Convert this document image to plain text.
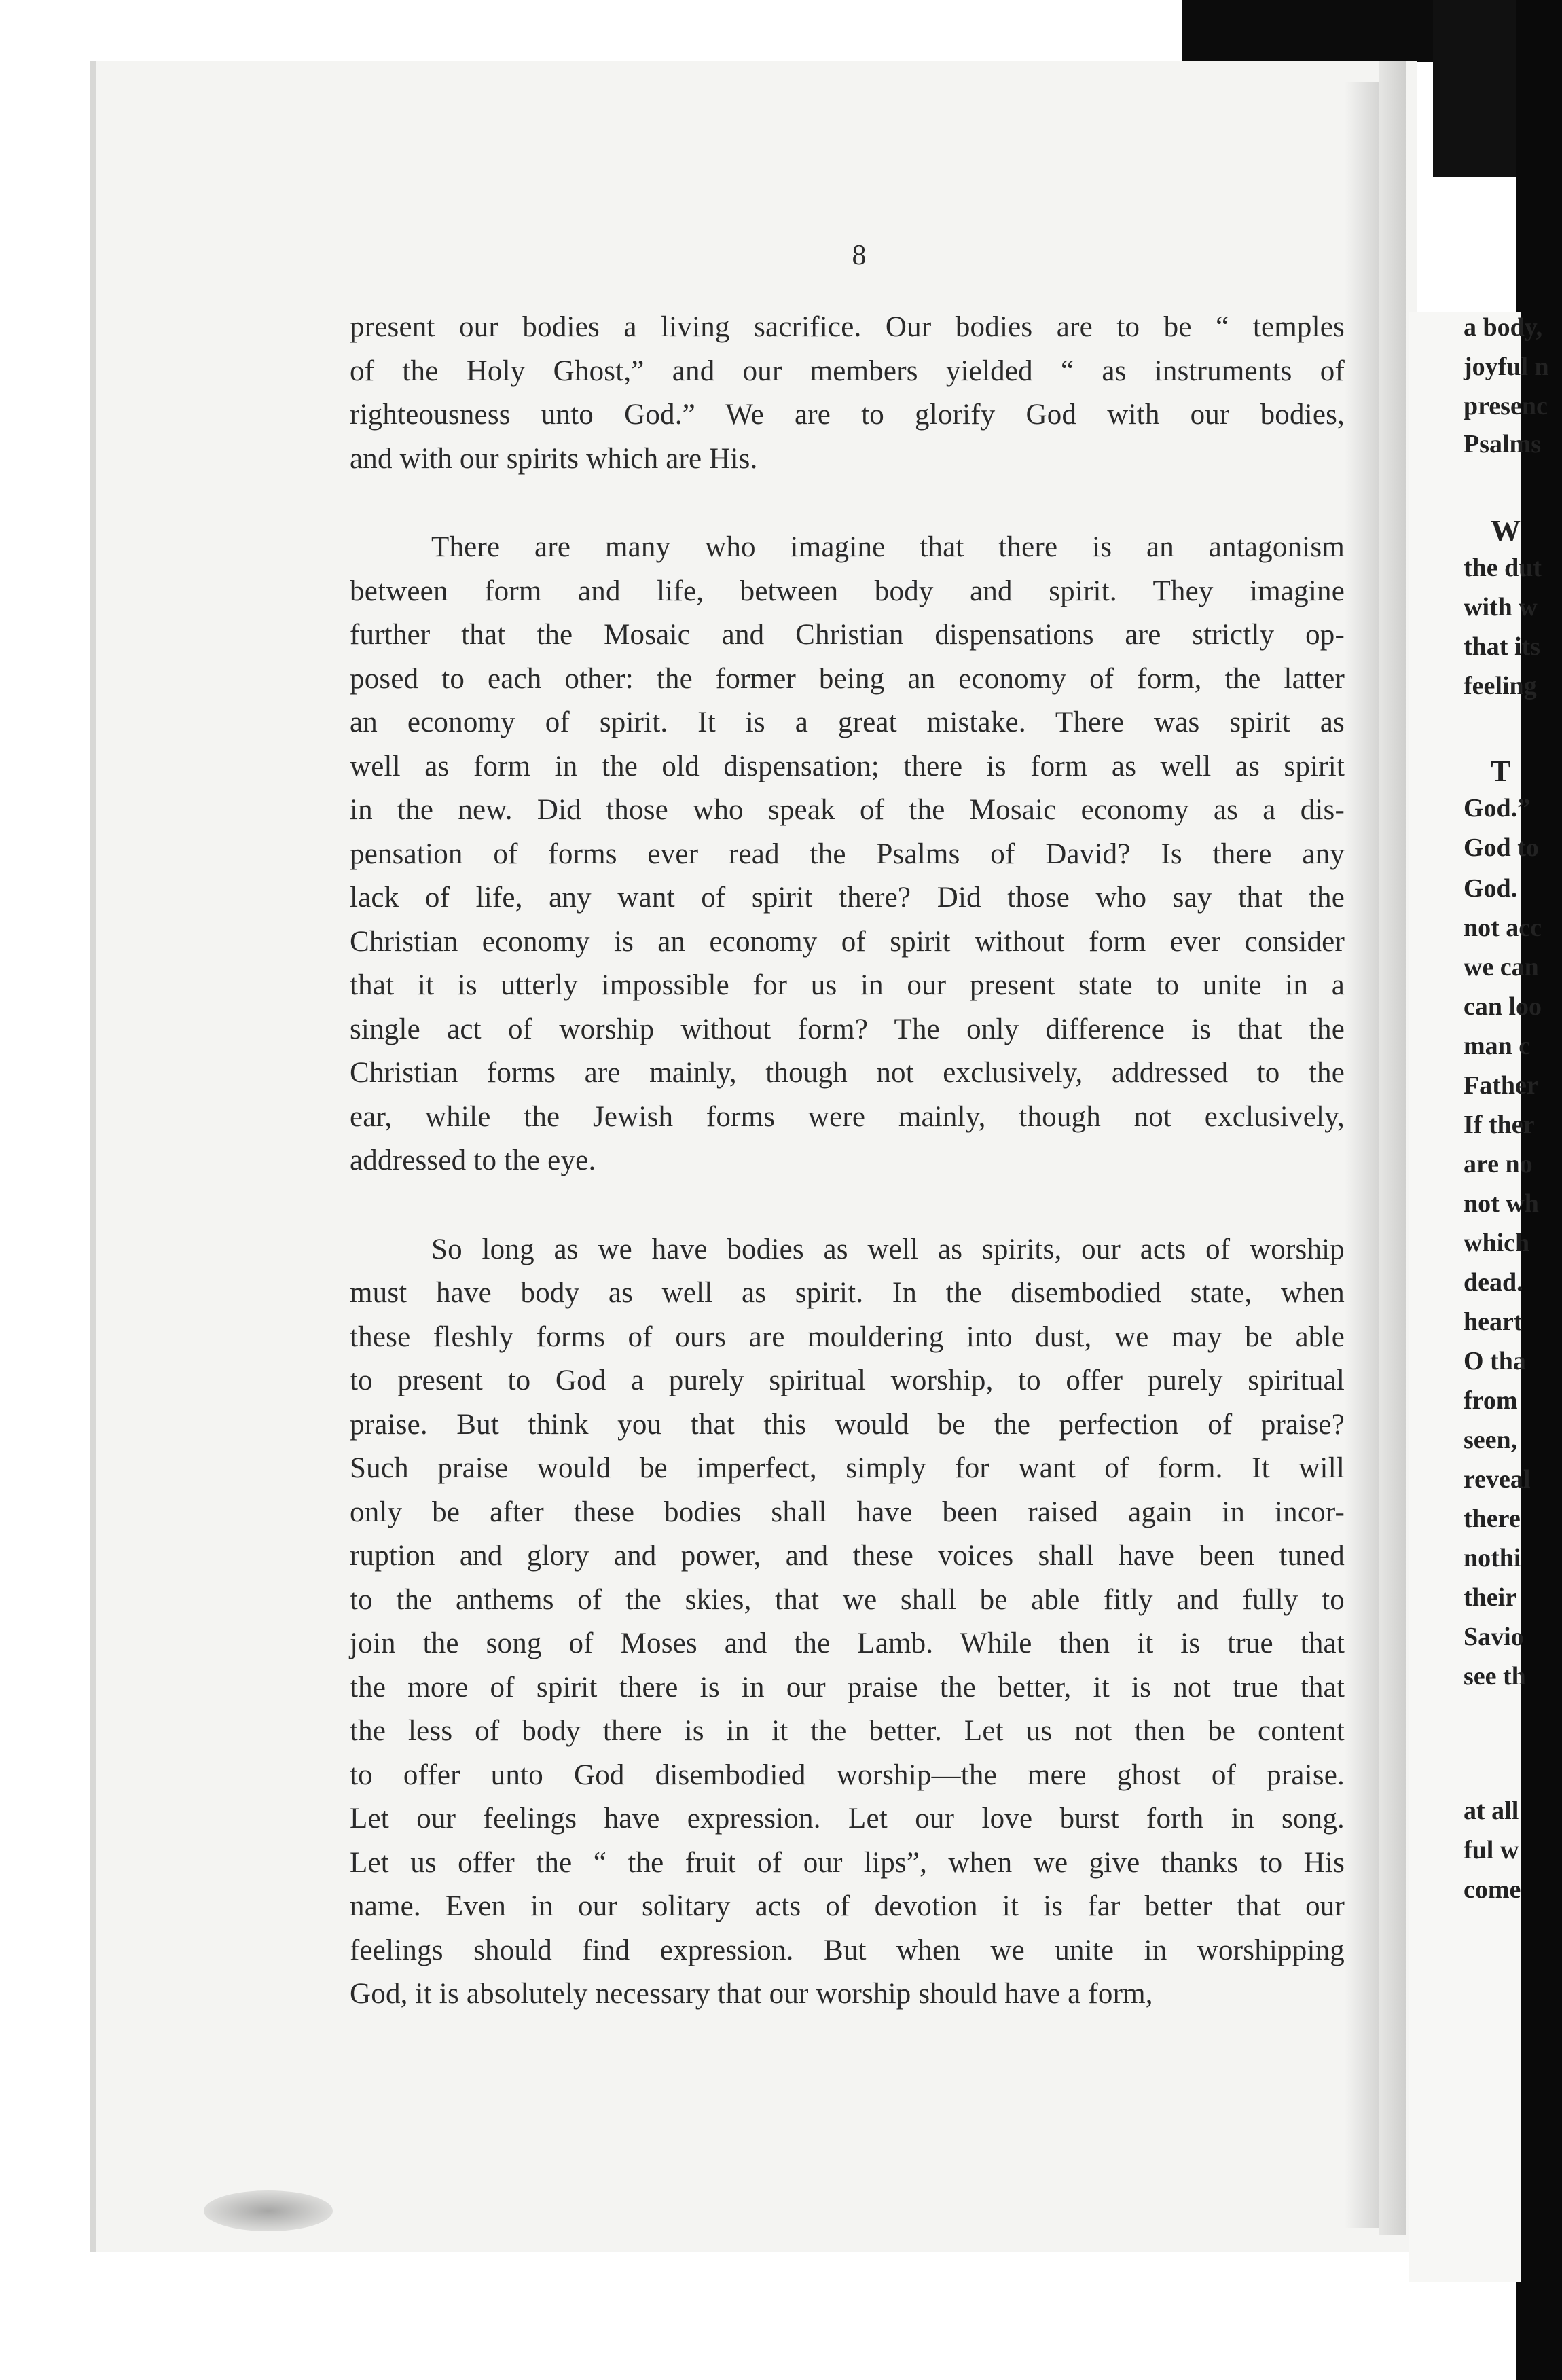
8
present our bodies a living sacrifice. Our bodies are to be “ temples
of the Holy Ghost,” and our members yielded “ as instruments of
righteousness unto God.” We are to glorify God with our bodies,
and with our spirits which are His.
There are many who imagine that there is an antagonism
between form and life, between body and spirit. They imagine
further that the Mosaic and Christian dispensations are strictly op-
posed to each other: the former being an economy of form, the latter
an economy of spirit. It is a great mistake. There was spirit as
well as form in the old dispensation; there is form as well as spirit
in the new. Did those who speak of the Mosaic economy as a dis-
pensation of forms ever read the Psalms of David? Is there any
lack of life, any want of spirit there? Did those who say that the
Christian economy is an economy of spirit without form ever consider
that it is utterly impossible for us in our present state to unite in a
single act of worship without form? The only difference is that the
Christian forms are mainly, though not exclusively, addressed to the
ear, while the Jewish forms were mainly, though not exclusively,
addressed to the eye.
So long as we have bodies as well as spirits, our acts of worship
must have body as well as spirit. In the disembodied state, when
these fleshly forms of ours are mouldering into dust, we may be able
to present to God a purely spiritual worship, to offer purely spiritual
praise. But think you that this would be the perfection of praise?
Such praise would be imperfect, simply for want of form. It will
only be after these bodies shall have been raised again in incor-
ruption and glory and power, and these voices shall have been tuned
to the anthems of the skies, that we shall be able fitly and fully to
join the song of Moses and the Lamb. While then it is true that
the more of spirit there is in our praise the better, it is not true that
the less of body there is in it the better. Let us not then be content
to offer unto God disembodied worship—the mere ghost of praise.
Let our feelings have expression. Let our love burst forth in song.
Let us offer the “ the fruit of our lips”, when we give thanks to His
name. Even in our solitary acts of devotion it is far better that our
feelings should find expression. But when we unite in worshipping
God, it is absolutely necessary that our worship should have a form,
a body,
joyful n
presenc
Psalms
W
the dut
with w
that its
feeling
T
God.”
God to
God.
not acc
we can
can loo
man c
Father
If ther
are no
not wh
which
dead.
heart
O tha
from
seen,
reveal
there
nothi
their
Savio
see th
at all
ful w
come
